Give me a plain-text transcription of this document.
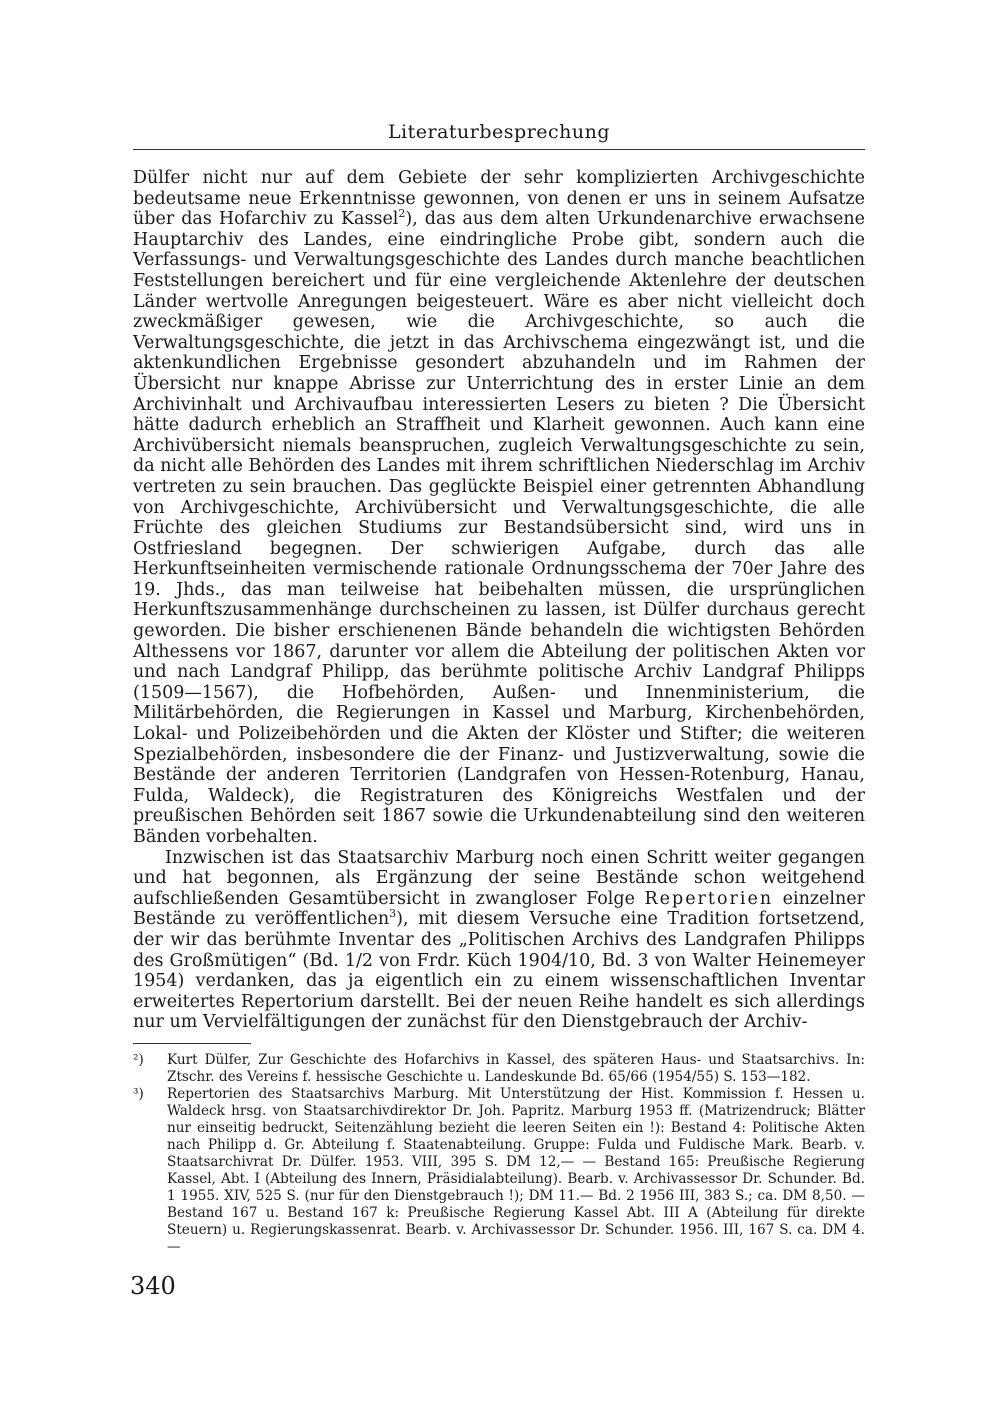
Literaturbesprechung

Dülfer nicht nur auf dem Gebiete der sehr komplizierten Archivgeschichte bedeutsame neue Erkenntnisse gewonnen, von denen er uns in seinem Aufsatze über das Hofarchiv zu Kassel$^2$), das aus dem alten Urkundenarchive erwachsene Hauptarchiv des Landes, eine eindringliche Probe gibt, sondern auch die Verfassungs- und Verwaltungsgeschichte des Landes durch manche beachtlichen Feststellungen bereichert und für eine vergleichende Aktenlehre der deutschen Länder wertvolle Anregungen beigesteuert. Wäre es aber nicht vielleicht doch zweckmäßiger gewesen, wie die Archivgeschichte, so auch die Verwaltungsgeschichte, die jetzt in das Archivschema eingezwängt ist, und die aktenkundlichen Ergebnisse gesondert abzuhandeln und im Rahmen der Übersicht nur knappe Abrisse zur Unterrichtung des in erster Linie an dem Archivinhalt und Archivaufbau interessierten Lesers zu bieten ? Die Übersicht hätte dadurch erheblich an Straffheit und Klarheit gewonnen. Auch kann eine Archivübersicht niemals beanspruchen, zugleich Verwaltungsgeschichte zu sein, da nicht alle Behörden des Landes mit ihrem schriftlichen Niederschlag im Archiv vertreten zu sein brauchen. Das geglückte Beispiel einer getrennten Abhandlung von Archivgeschichte, Archivübersicht und Verwaltungsgeschichte, die alle Früchte des gleichen Studiums zur Bestandsübersicht sind, wird uns in Ostfriesland begegnen. Der schwierigen Aufgabe, durch das alle Herkunftseinheiten vermischende rationale Ordnungsschema der 70er Jahre des 19. Jhds., das man teilweise hat beibehalten müssen, die ursprünglichen Herkunftszusammenhänge durchscheinen zu lassen, ist Dülfer durchaus gerecht geworden. Die bisher erschienenen Bände behandeln die wichtigsten Behörden Althessens vor 1867, darunter vor allem die Abteilung der politischen Akten vor und nach Landgraf Philipp, das berühmte politische Archiv Landgraf Philipps (1509—1567), die Hofbehörden, Außen- und Innenministerium, die Militärbehörden, die Regierungen in Kassel und Marburg, Kirchenbehörden, Lokal- und Polizeibehörden und die Akten der Klöster und Stifter; die weiteren Spezialbehörden, insbesondere die der Finanz- und Justizverwaltung, sowie die Bestände der anderen Territorien (Landgrafen von Hessen-Rotenburg, Hanau, Fulda, Waldeck), die Registraturen des Königreichs Westfalen und der preußischen Behörden seit 1867 sowie die Urkundenabteilung sind den weiteren Bänden vorbehalten.

Inzwischen ist das Staatsarchiv Marburg noch einen Schritt weiter gegangen und hat begonnen, als Ergänzung der seine Bestände schon weitgehend aufschließenden Gesamtübersicht in zwangloser Folge Repertorien einzelner Bestände zu veröffentlichen$^3$), mit diesem Versuche eine Tradition fortsetzend, der wir das berühmte Inventar des „Politischen Archivs des Landgrafen Philipps des Großmütigen“ (Bd. 1/2 von Frdr. Küch 1904/10, Bd. 3 von Walter Heinemeyer 1954) verdanken, das ja eigentlich ein zu einem wissenschaftlichen Inventar erweitertes Repertorium darstellt. Bei der neuen Reihe handelt es sich allerdings nur um Vervielfältigungen der zunächst für den Dienstgebrauch der Archiv-

²)	Kurt Dülfer, Zur Geschichte des Hofarchivs in Kassel, des späteren Haus- und Staatsarchivs. In: Ztschr. des Vereins f. hessische Geschichte u. Landeskunde Bd. 65/66 (1954/55) S. 153—182.
³)	Repertorien des Staatsarchivs Marburg. Mit Unterstützung der Hist. Kommission f. Hessen u. Waldeck hrsg. von Staatsarchivdirektor Dr. Joh. Papritz. Marburg 1953 ff. (Matrizendruck; Blätter nur einseitig bedruckt, Seitenzählung bezieht die leeren Seiten ein !): Bestand 4: Politische Akten nach Philipp d. Gr. Abteilung f. Staatenabteilung. Gruppe: Fulda und Fuldische Mark. Bearb. v. Staatsarchivrat Dr. Dülfer. 1953. VIII, 395 S. DM 12,— — Bestand 165: Preußische Regierung Kassel, Abt. I (Abteilung des Innern, Präsidialabteilung). Bearb. v. Archivassessor Dr. Schunder. Bd. 1 1955. XIV, 525 S. (nur für den Dienstgebrauch !); DM 11.— Bd. 2 1956 III, 383 S.; ca. DM 8,50. — Bestand 167 u. Bestand 167 k: Preußische Regierung Kassel Abt. III A (Abteilung für direkte Steuern) u. Regierungskassenrat. Bearb. v. Archivassessor Dr. Schunder. 1956. III, 167 S. ca. DM 4.—
340
